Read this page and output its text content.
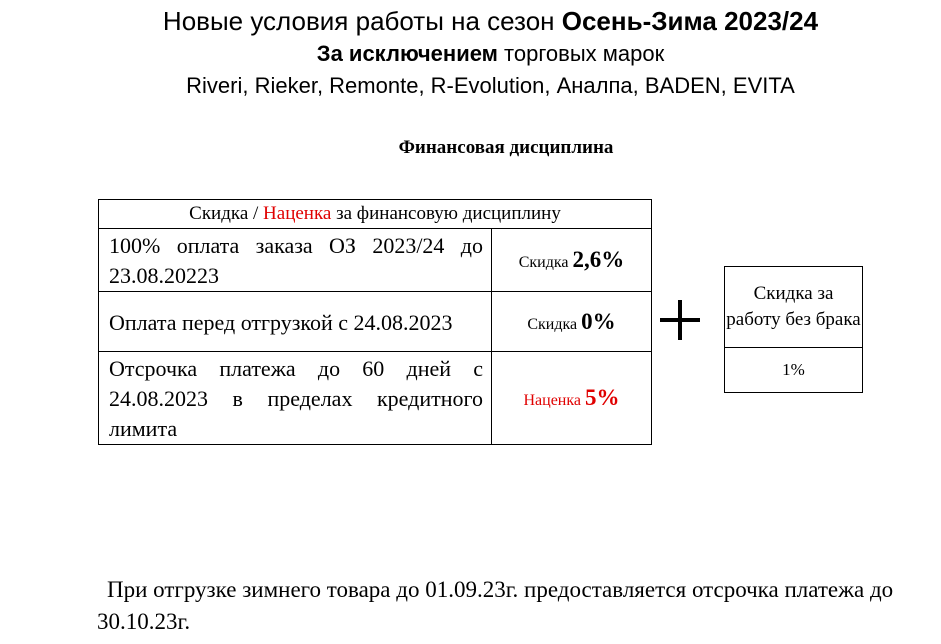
Новые условия работы на сезон Осень-Зима 2023/24
За исключением торговых марок
Riveri, Rieker, Remonte, R-Evolution, Аналпа, BADEN, EVITA
Финансовая дисциплина
Скидка / Наценка за финансовую дисциплину	
100% оплата заказа ОЗ 2023/24 до 23.08.20223	Скидка 2,6%
Оплата перед отгрузкой с 24.08.2023	Скидка 0%
Отсрочка платежа до 60 дней с 24.08.2023 в пределах кредитного лимита	Наценка 5%
Скидка за работу без брака
1%
При отгрузке зимнего товара до 01.09.23г. предоставляется отсрочка платежа до 30.10.23г.
